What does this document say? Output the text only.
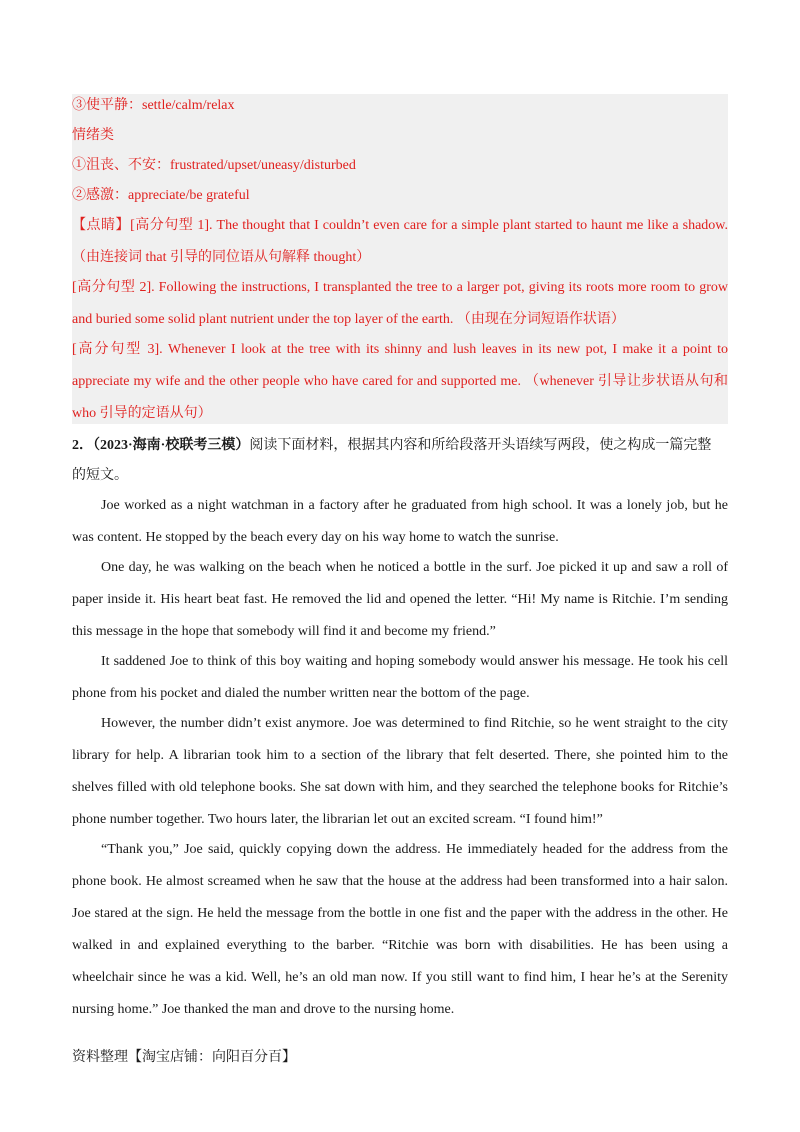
③使平静：settle/calm/relax
情绪类
①沮丧、不安：frustrated/upset/uneasy/disturbed
②感激：appreciate/be grateful
【点睛】[高分句型 1]. The thought that I couldn’t even care for a simple plant started to haunt me like a shadow.
（由连接词 that 引导的同位语从句解释 thought）
[高分句型 2]. Following the instructions, I transplanted the tree to a larger pot, giving its roots more room to grow
and buried some solid plant nutrient under the top layer of the earth. （由现在分词短语作状语）
[高分句型 3]. Whenever I look at the tree with its shinny and lush leaves in its new pot, I make it a point to
appreciate my wife and the other people who have cared for and supported me. （whenever 引导让步状语从句和
who 引导的定语从句）
2．（2023·海南·校联考三模）阅读下面材料，根据其内容和所给段落开头语续写两段，使之构成一篇完整
的短文。
Joe worked as a night watchman in a factory after he graduated from high school. It was a lonely job, but he
was content. He stopped by the beach every day on his way home to watch the sunrise.
One day, he was walking on the beach when he noticed a bottle in the surf. Joe picked it up and saw a roll of
paper inside it. His heart beat fast. He removed the lid and opened the letter. “Hi! My name is Ritchie. I’m sending
this message in the hope that somebody will find it and become my friend.”
It saddened Joe to think of this boy waiting and hoping somebody would answer his message. He took his cell
phone from his pocket and dialed the number written near the bottom of the page.
However, the number didn’t exist anymore. Joe was determined to find Ritchie, so he went straight to the city
library for help. A librarian took him to a section of the library that felt deserted. There, she pointed him to the
shelves filled with old telephone books. She sat down with him, and they searched the telephone books for Ritchie’s
phone number together. Two hours later, the librarian let out an excited scream. “I found him!”
“Thank you,” Joe said, quickly copying down the address. He immediately headed for the address from the
phone book. He almost screamed when he saw that the house at the address had been transformed into a hair salon.
Joe stared at the sign. He held the message from the bottle in one fist and the paper with the address in the other. He
walked in and explained everything to the barber. “Ritchie was born with disabilities. He has been using a
wheelchair since he was a kid. Well, he’s an old man now. If you still want to find him, I hear he’s at the Serenity
nursing home.” Joe thanked the man and drove to the nursing home.
资料整理【淘宝店铺：向阳百分百】
